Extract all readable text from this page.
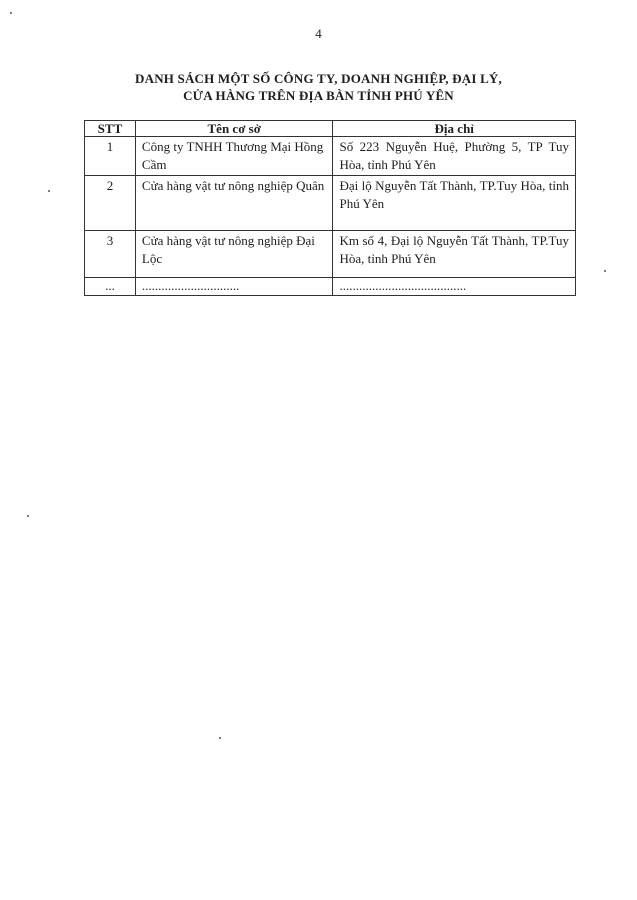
4
DANH SÁCH MỘT SỐ CÔNG TY, DOANH NGHIỆP, ĐẠI LÝ,
CỬA HÀNG TRÊN ĐỊA BÀN TỈNH PHÚ YÊN
STT	Tên cơ sở	Địa chỉ
1	Công ty TNHH Thương Mại Hồng Cầm	Số 223 Nguyễn Huệ, Phường 5, TP Tuy Hòa, tỉnh Phú Yên
2	Cửa hàng vật tư nông nghiệp Quân	Đại lộ Nguyễn Tất Thành, TP.Tuy Hòa, tỉnh Phú Yên
3	Cửa hàng vật tư nông nghiệp Đại Lộc	Km số 4, Đại lộ Nguyễn Tất Thành, TP.Tuy Hòa, tỉnh Phú Yên
...	..............................	.......................................
